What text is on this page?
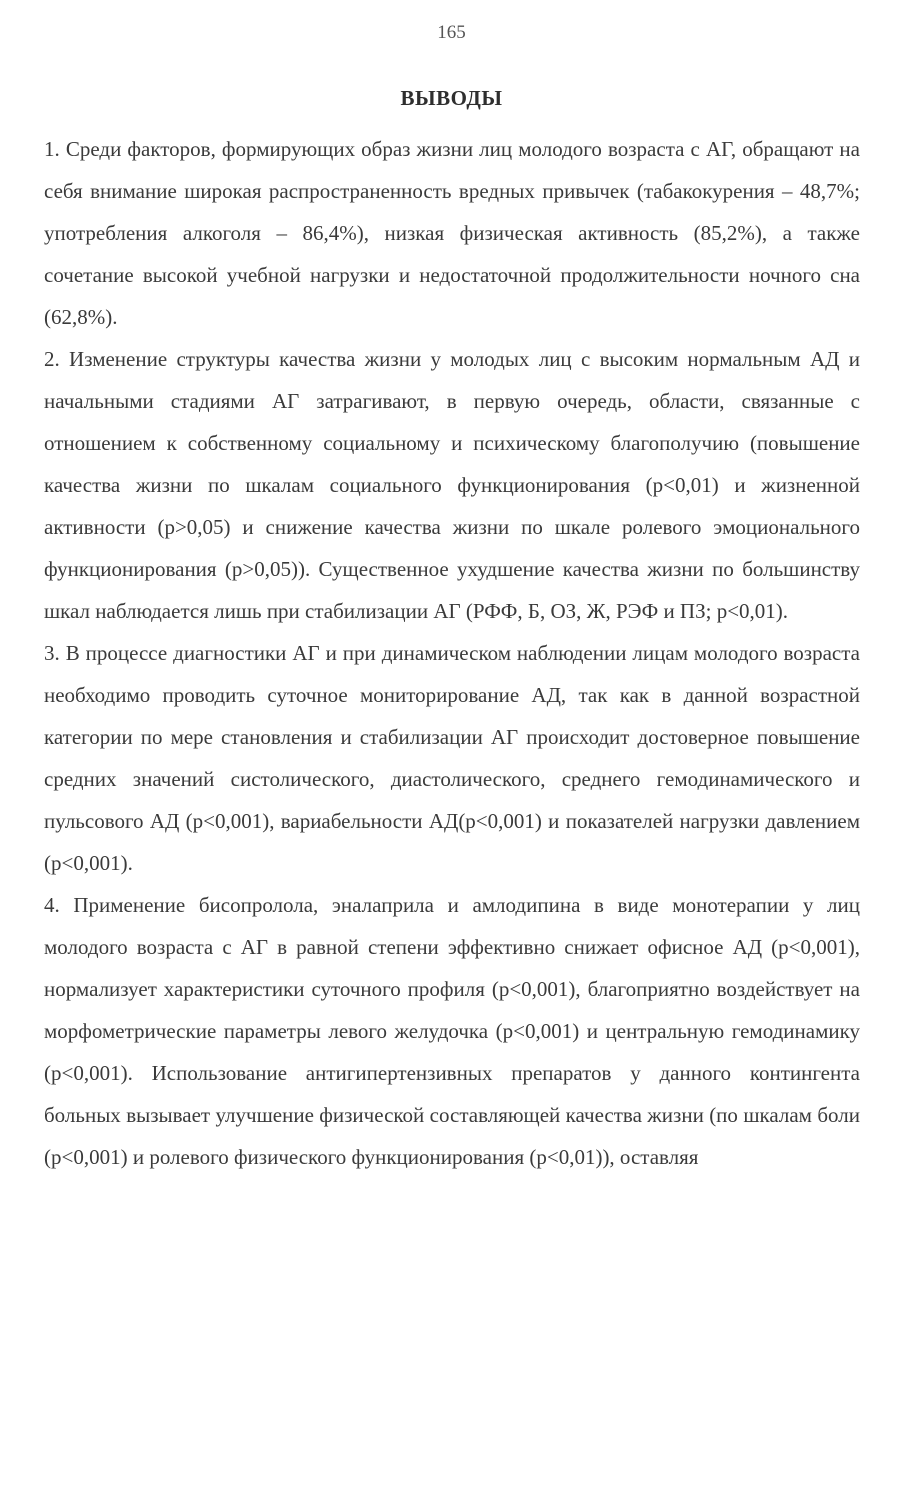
165
ВЫВОДЫ

1. Среди факторов, формирующих образ жизни лиц молодого возраста с АГ, обращают на себя внимание широкая распространенность вредных привычек (табакокурения – 48,7%; употребления алкоголя – 86,4%), низкая физическая активность (85,2%), а также сочетание высокой учебной нагрузки и недостаточной продолжительности ночного сна (62,8%).

2. Изменение структуры качества жизни у молодых лиц с высоким нормальным АД и начальными стадиями АГ затрагивают, в первую очередь, области, связанные с отношением к собственному социальному и психическому благополучию (повышение качества жизни по шкалам социального функционирования (р<0,01) и жизненной активности (р>0,05) и снижение качества жизни по шкале ролевого эмоционального функционирования (р>0,05)). Существенное ухудшение качества жизни по большинству шкал наблюдается лишь при стабилизации АГ (РФФ, Б, ОЗ, Ж, РЭФ и ПЗ; р<0,01).

3. В процессе диагностики АГ и при динамическом наблюдении лицам молодого возраста необходимо проводить суточное мониторирование АД, так как в данной возрастной категории по мере становления и стабилизации АГ происходит достоверное повышение средних значений систолического, диастолического, среднего гемодинамического и пульсового АД (р<0,001), вариабельности АД(р<0,001) и показателей нагрузки давлением (р<0,001).

4. Применение бисопролола, эналаприла и амлодипина в виде монотерапии у лиц молодого возраста с АГ в равной степени эффективно снижает офисное АД (р<0,001), нормализует характеристики суточного профиля (р<0,001), благоприятно воздействует на морфометрические параметры левого желудочка (р<0,001) и центральную гемодинамику (р<0,001). Использование антигипертензивных препаратов у данного контингента больных вызывает улучшение физической составляющей качества жизни (по шкалам боли (р<0,001) и ролевого физического функционирования (р<0,01)), оставляя
